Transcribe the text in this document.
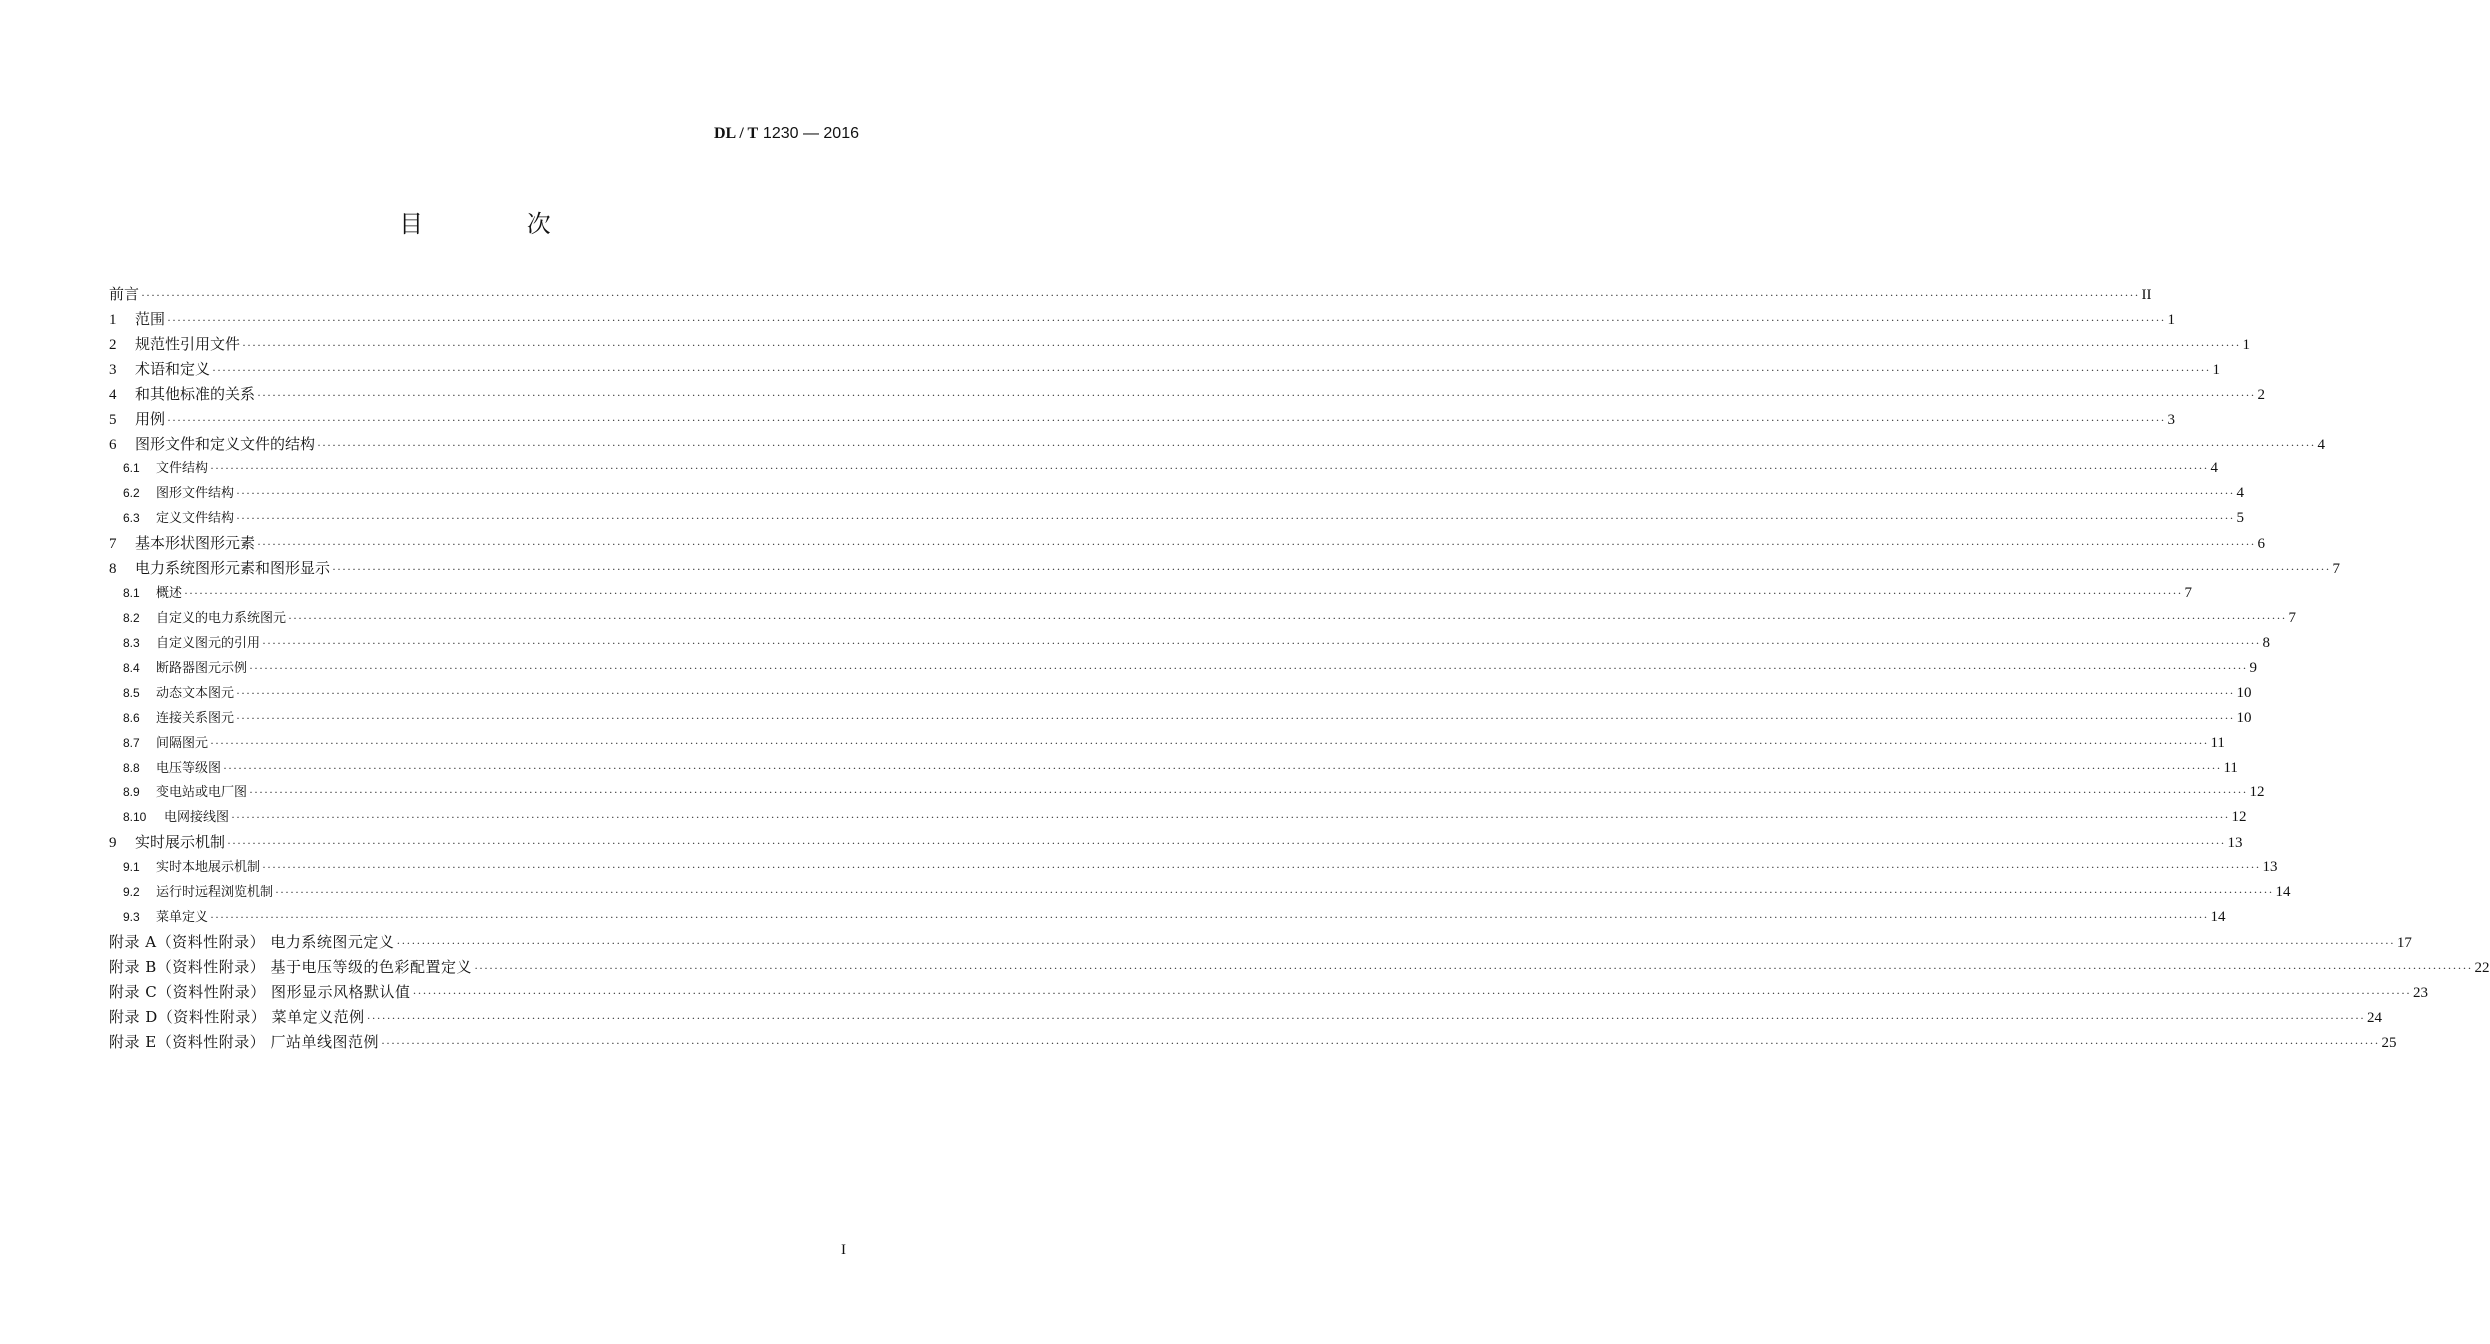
DL / T 1230 — 2016
目 次
前言 ················································································································································································································································································································································································································ II
1	范围 ················································································································································································································································································································································································································ 1
2	规范性引用文件 ················································································································································································································································································································································································································ 1
3	术语和定义 ················································································································································································································································································································································································································ 1
4	和其他标准的关系 ················································································································································································································································································································································································································ 2
5	用例 ················································································································································································································································································································································································································ 3
6	图形文件和定义文件的结构 ················································································································································································································································································································································································································ 4
6.1	文件结构 ················································································································································································································································································································································································································ 4
6.2	图形文件结构 ················································································································································································································································································································································································································ 4
6.3	定义文件结构 ················································································································································································································································································································································································································ 5
7	基本形状图形元素 ················································································································································································································································································································································································································ 6
8	电力系统图形元素和图形显示 ················································································································································································································································································································································································································ 7
8.1	概述 ················································································································································································································································································································································································································ 7
8.2	自定义的电力系统图元 ················································································································································································································································································································································································································ 7
8.3	自定义图元的引用 ················································································································································································································································································································································································································ 8
8.4	断路器图元示例 ················································································································································································································································································································································································································ 9
8.5	动态文本图元 ················································································································································································································································································································································································································ 10
8.6	连接关系图元 ················································································································································································································································································································································································································ 10
8.7	间隔图元 ················································································································································································································································································································································································································ 11
8.8	电压等级图 ················································································································································································································································································································································································································ 11
8.9	变电站或电厂图 ················································································································································································································································································································································································································ 12
8.10	电网接线图 ················································································································································································································································································································································································································ 12
9	实时展示机制 ················································································································································································································································································································································································································ 13
9.1	实时本地展示机制 ················································································································································································································································································································································································································ 13
9.2	运行时远程浏览机制 ················································································································································································································································································································································································································ 14
9.3	菜单定义 ················································································································································································································································································································································································································ 14
附录 A（资料性附录） 电力系统图元定义 ················································································································································································································································································································································································································ 17
附录 B（资料性附录） 基于电压等级的色彩配置定义 ················································································································································································································································································································································································································ 22
附录 C（资料性附录） 图形显示风格默认值 ················································································································································································································································································································································································································ 23
附录 D（资料性附录） 菜单定义范例 ················································································································································································································································································································································································································ 24
附录 E（资料性附录） 厂站单线图范例 ················································································································································································································································································································································································································ 25
I
